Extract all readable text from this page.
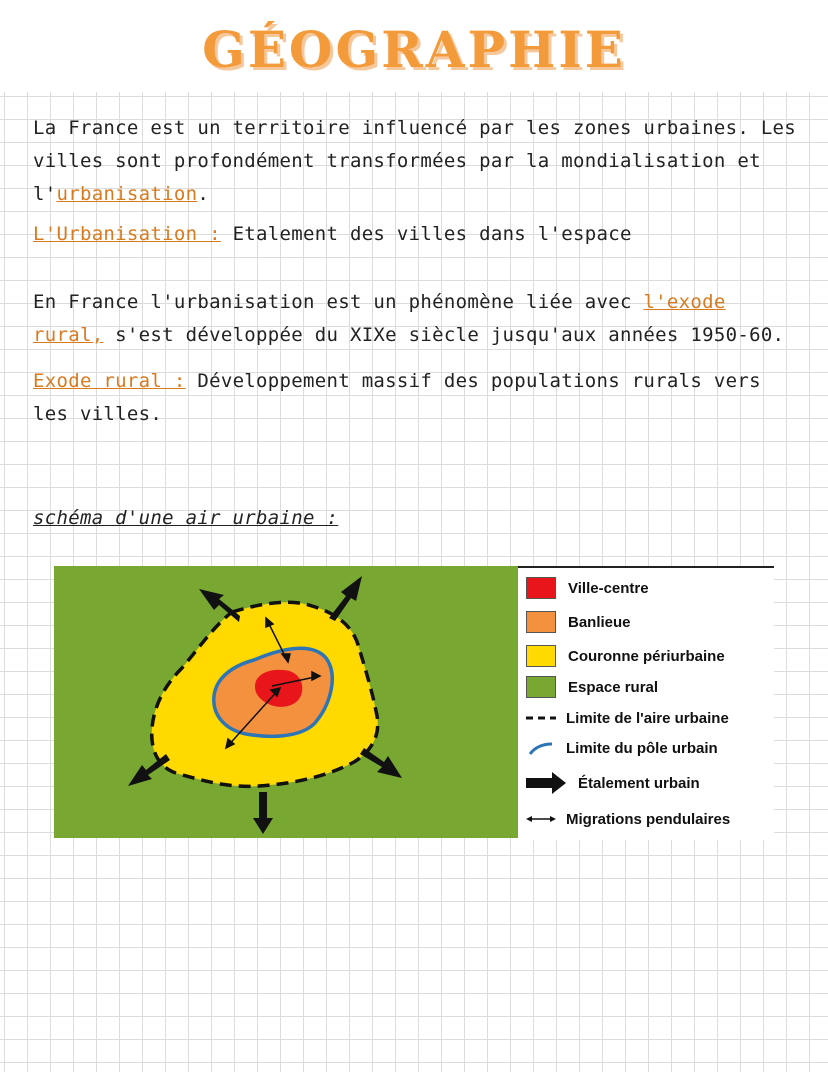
GÉOGRAPHIE

La France est un territoire influencé par les zones urbaines. Les villes sont profondément transformées par la mondialisation et l'urbanisation.

L'Urbanisation : Etalement des villes dans l'espace

En France l'urbanisation est un phénomène liée avec l'exode rural, s'est développée du XIXe siècle jusqu'aux années 1950-60.

Exode rural : Développement massif des populations rurals vers les villes.

schéma d'une air urbaine :

Ville-centre
Banlieue
Couronne périurbaine
Espace rural
Limite de l'aire urbaine
Limite du pôle urbain
Étalement urbain
Migrations pendulaires
